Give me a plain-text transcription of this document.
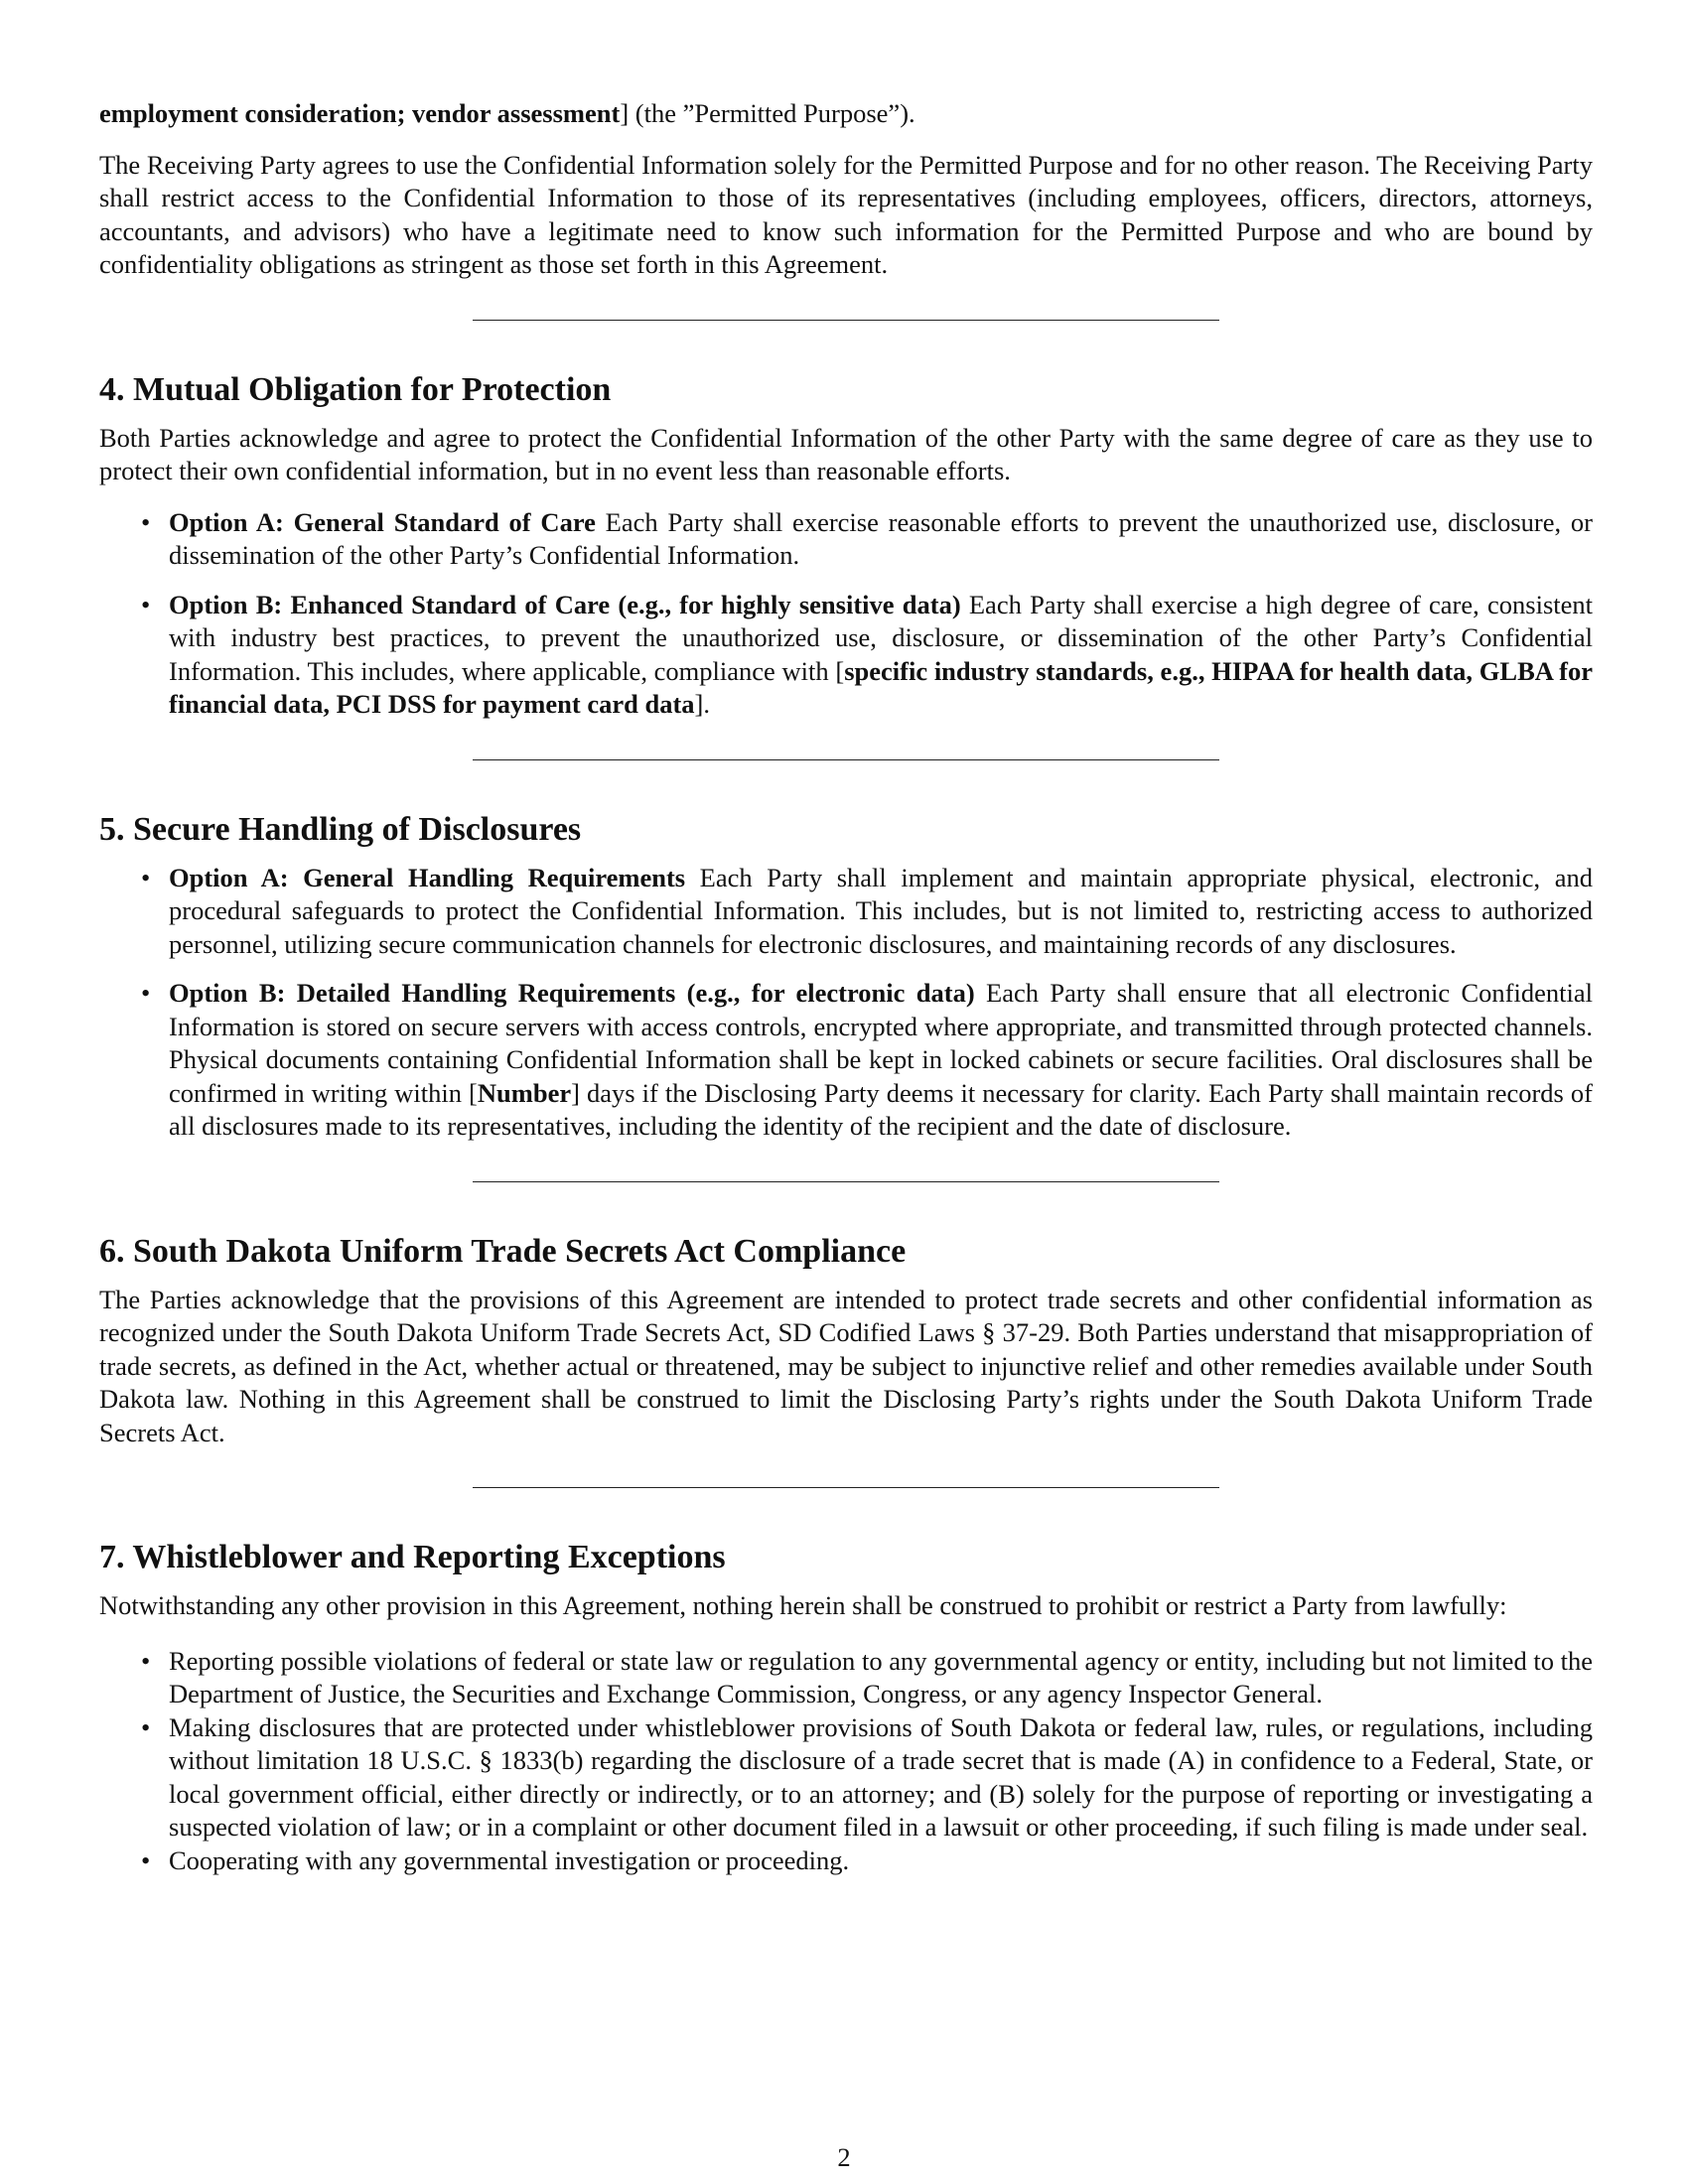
employment consideration; vendor assessment] (the ”Permitted Purpose”).

The Receiving Party agrees to use the Confidential Information solely for the Permitted Purpose and for no other reason. The Receiving Party shall restrict access to the Confidential Information to those of its representatives (including employees, officers, directors, attorneys, accountants, and advisors) who have a legitimate need to know such information for the Permitted Purpose and who are bound by confidentiality obligations as stringent as those set forth in this Agreement.

4. Mutual Obligation for Protection

Both Parties acknowledge and agree to protect the Confidential Information of the other Party with the same degree of care as they use to protect their own confidential information, but in no event less than reasonable efforts.

• Option A: General Standard of Care Each Party shall exercise reasonable efforts to prevent the unauthorized use, disclosure, or dissemination of the other Party’s Confidential Information.
• Option B: Enhanced Standard of Care (e.g., for highly sensitive data) Each Party shall exercise a high degree of care, consistent with industry best practices, to prevent the unauthorized use, disclosure, or dissemination of the other Party’s Confidential Information. This includes, where applicable, compliance with [specific industry standards, e.g., HIPAA for health data, GLBA for financial data, PCI DSS for payment card data].
5. Secure Handling of Disclosures
• Option A: General Handling Requirements Each Party shall implement and maintain appropriate physical, electronic, and procedural safeguards to protect the Confidential Information. This includes, but is not limited to, restricting access to authorized personnel, utilizing secure communication channels for electronic disclosures, and maintaining records of any disclosures.
• Option B: Detailed Handling Requirements (e.g., for electronic data) Each Party shall ensure that all electronic Confidential Information is stored on secure servers with access controls, encrypted where appropriate, and transmitted through protected channels. Physical documents containing Confidential Information shall be kept in locked cabinets or secure facilities. Oral disclosures shall be confirmed in writing within [Number] days if the Disclosing Party deems it necessary for clarity. Each Party shall maintain records of all disclosures made to its representatives, including the identity of the recipient and the date of disclosure.
6. South Dakota Uniform Trade Secrets Act Compliance

The Parties acknowledge that the provisions of this Agreement are intended to protect trade secrets and other confidential information as recognized under the South Dakota Uniform Trade Secrets Act, SD Codified Laws § 37-29. Both Parties understand that misappropriation of trade secrets, as defined in the Act, whether actual or threatened, may be subject to injunctive relief and other remedies available under South Dakota law. Nothing in this Agreement shall be construed to limit the Disclosing Party’s rights under the South Dakota Uniform Trade Secrets Act.

7. Whistleblower and Reporting Exceptions

Notwithstanding any other provision in this Agreement, nothing herein shall be construed to prohibit or restrict a Party from lawfully:

• Reporting possible violations of federal or state law or regulation to any governmental agency or entity, including but not limited to the Department of Justice, the Securities and Exchange Commission, Congress, or any agency Inspector General.
• Making disclosures that are protected under whistleblower provisions of South Dakota or federal law, rules, or regulations, including without limitation 18 U.S.C. § 1833(b) regarding the disclosure of a trade secret that is made (A) in confidence to a Federal, State, or local government official, either directly or indirectly, or to an attorney; and (B) solely for the purpose of reporting or investigating a suspected violation of law; or in a complaint or other document filed in a lawsuit or other proceeding, if such filing is made under seal.
• Cooperating with any governmental investigation or proceeding.
2
